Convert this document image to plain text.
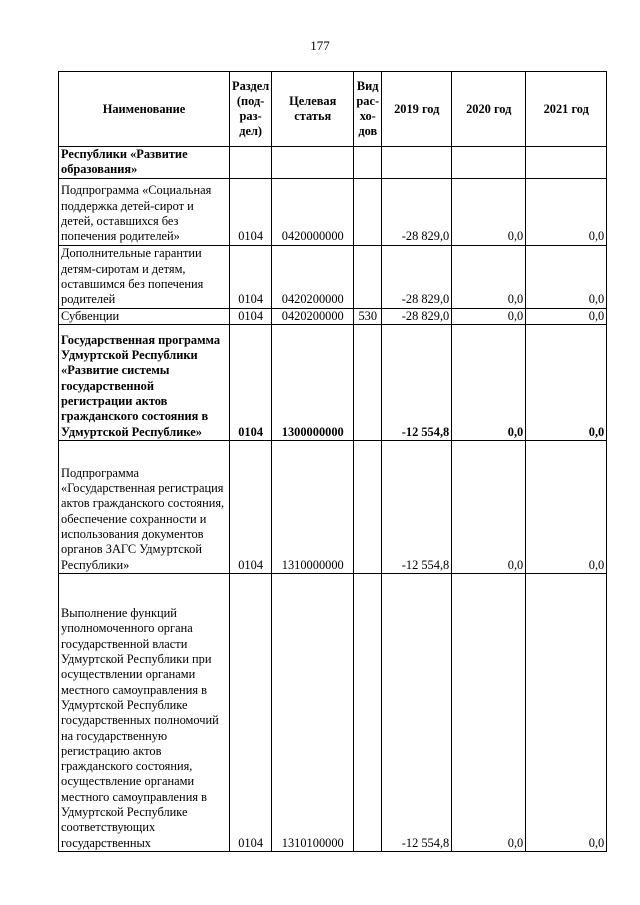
177
Наименование	Раздел (под-раз-дел)	Целевая статья	Вид рас-хо-дов	2019 год	2020 год	2021 год
Республики «Развитие образования»						
Подпрограмма «Социальная поддержка детей-сирот и детей, оставшихся без попечения родителей»	0104	0420000000		-28 829,0	0,0	0,0
Дополнительные гарантии детям-сиротам и детям, оставшимся без попечения родителей	0104	0420200000		-28 829,0	0,0	0,0
Субвенции	0104	0420200000	530	-28 829,0	0,0	0,0
Государственная программа Удмуртской Республики «Развитие системы государственной регистрации актов гражданского состояния в Удмуртской Республике»	0104	1300000000		-12 554,8	0,0	0,0
Подпрограмма «Государственная регистрация актов гражданского состояния, обеспечение сохранности и использования документов органов ЗАГС Удмуртской Республики»	0104	1310000000		-12 554,8	0,0	0,0
Выполнение функций уполномоченного органа государственной власти Удмуртской Республики при осуществлении органами местного самоуправления в Удмуртской Республике государственных полномочий на государственную регистрацию актов гражданского состояния, осуществление органами местного самоуправления в Удмуртской Республике соответствующих государственных	0104	1310100000		-12 554,8	0,0	0,0
